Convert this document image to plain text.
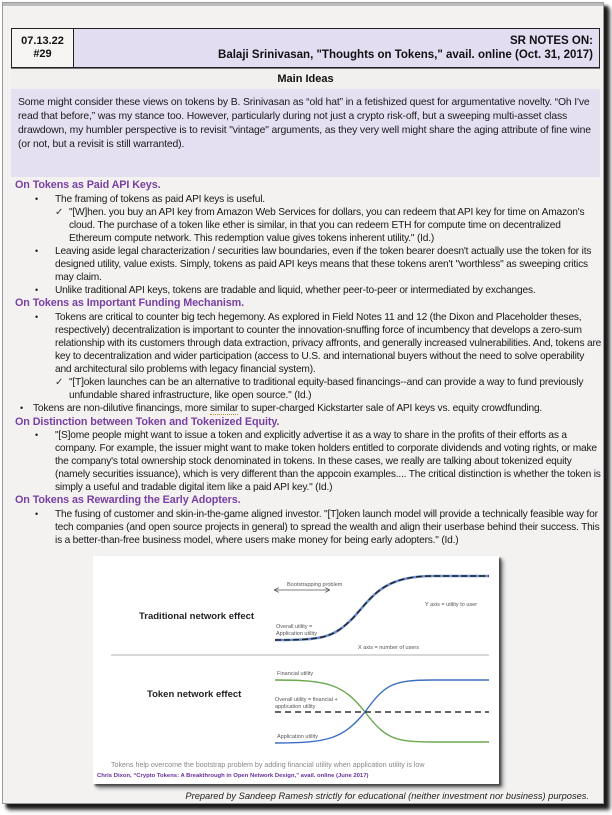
07.13.22
#29
SR NOTES ON:
Balaji Srinivasan, "Thoughts on Tokens," avail. online (Oct. 31, 2017)
Main Ideas
Some might consider these views on tokens by B. Srinivasan as “old hat” in a fetishized quest for argumentative novelty. “Oh I've read that before,” was my stance too. However, particularly during not just a crypto risk-off, but a sweeping multi-asset class drawdown, my humbler perspective is to revisit "vintage" arguments, as they very well might share the aging attribute of fine wine (or not, but a revisit is still warranted).
On Tokens as Paid API Keys.
• The framing of tokens as paid API keys is useful.
✓ "[W]hen. you buy an API key from Amazon Web Services for dollars, you can redeem that API key for time on Amazon's cloud. The purchase of a token like ether is similar, in that you can redeem ETH for compute time on decentralized Ethereum compute network. This redemption value gives tokens inherent utility." (Id.)
• Leaving aside legal characterization / securities law boundaries, even if the token bearer doesn't actually use the token for its designed utility, value exists. Simply, tokens as paid API keys means that these tokens aren't "worthless" as sweeping critics may claim.
• Unlike traditional API keys, tokens are tradable and liquid, whether peer-to-peer or intermediated by exchanges.
On Tokens as Important Funding Mechanism.
• Tokens are critical to counter big tech hegemony. As explored in Field Notes 11 and 12 (the Dixon and Placeholder theses, respectively) decentralization is important to counter the innovation-snuffing force of incumbency that develops a zero-sum relationship with its customers through data extraction, privacy affronts, and generally increased vulnerabilities. And, tokens are key to decentralization and wider participation (access to U.S. and international buyers without the need to solve operability and architectural silo problems with legacy financial system).
✓ "[T]oken launches can be an alternative to traditional equity-based financings--and can provide a way to fund previously unfundable shared infrastructure, like open source." (Id.)
• Tokens are non-dilutive financings, more similar to super-charged Kickstarter sale of API keys vs. equity crowdfunding.
On Distinction between Token and Tokenized Equity.
• "[S]ome people might want to issue a token and explicitly advertise it as a way to share in the profits of their efforts as a company. For example, the issuer might want to make token holders entitled to corporate dividends and voting rights, or make the company's total ownership stock denominated in tokens. In these cases, we really are talking about tokenized equity (namely securities issuance), which is very different than the appcoin examples.... The critical distinction is whether the token is simply a useful and tradable digital item like a paid API key." (Id.)
On Tokens as Rewarding the Early Adopters.
• The fusing of customer and skin-in-the-game aligned investor. "[T]oken launch model will provide a technically feasible way for tech companies (and open source projects in general) to spread the wealth and align their userbase behind their success. This is a better-than-free business model, where users make money for being early adopters." (Id.)
Traditional network effect
Bootstrapping problem
Overall utility =
Application utility
Y axis = utility to user
X axis = number of users
Token network effect
Financial utility
Overall utility = financial +
application utility
Application utility
Tokens help overcome the bootstrap problem by adding financial utility when application utility is low
Chris Dixon, “Crypto Tokens: A Breakthrough in Open Network Design,” avail. online (June 2017)
Prepared by Sandeep Ramesh strictly for educational (neither investment nor business) purposes.
